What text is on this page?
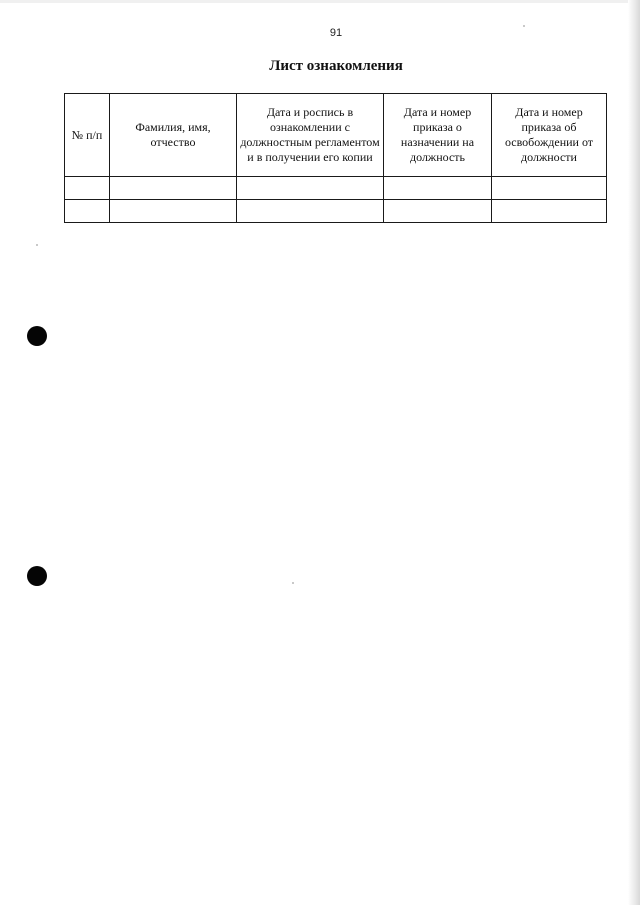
91
Лист ознакомления
№ п/п	Фамилия, имя, отчество	Дата и роспись в ознакомлении с должностным регламентом и в получении его копии	Дата и номер приказа о назначении на должность	Дата и номер приказа об освобождении от должности
